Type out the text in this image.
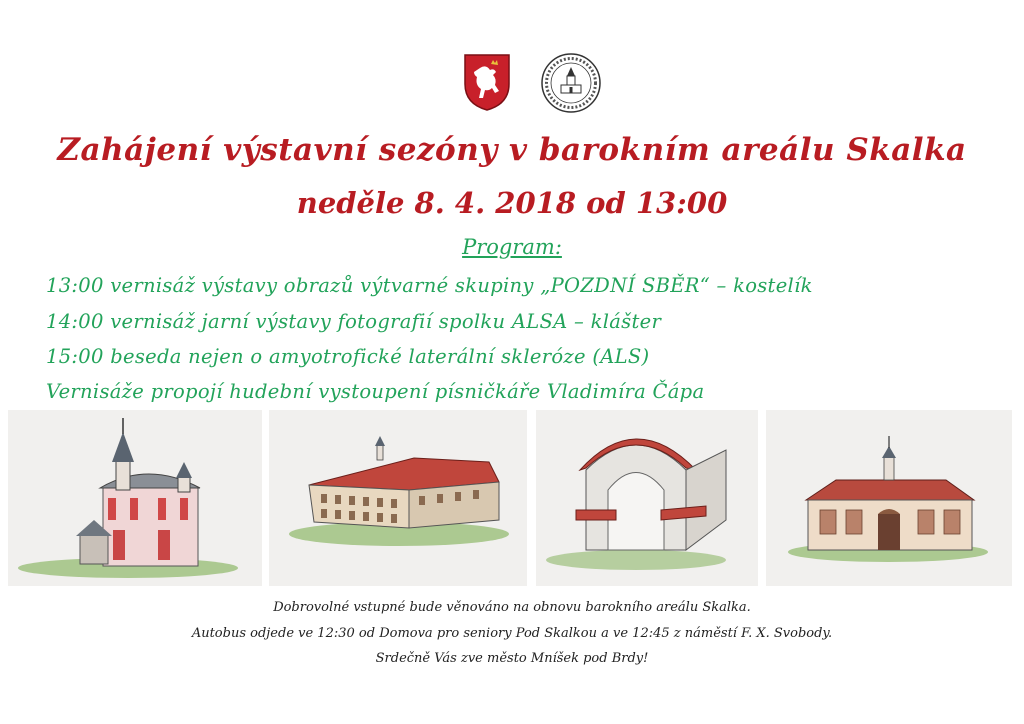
Zahájení výstavní sezóny v barokním areálu Skalka
neděle 8. 4. 2018 od 13:00
Program:
13:00 vernisáž výstavy obrazů výtvarné skupiny „POZDNÍ SBĚR“ – kostelík
14:00 vernisáž jarní výstavy fotografií spolku ALSA – klášter
15:00 beseda nejen o amyotrofické laterální skleróze (ALS)
Vernisáže propojí hudební vystoupení písničkáře Vladimíra Čápa
Dobrovolné vstupné bude věnováno na obnovu barokního areálu Skalka.
Autobus odjede ve 12:30 od Domova pro seniory Pod Skalkou a ve 12:45 z náměstí F. X. Svobody.
Srdečně Vás zve město Mníšek pod Brdy!
